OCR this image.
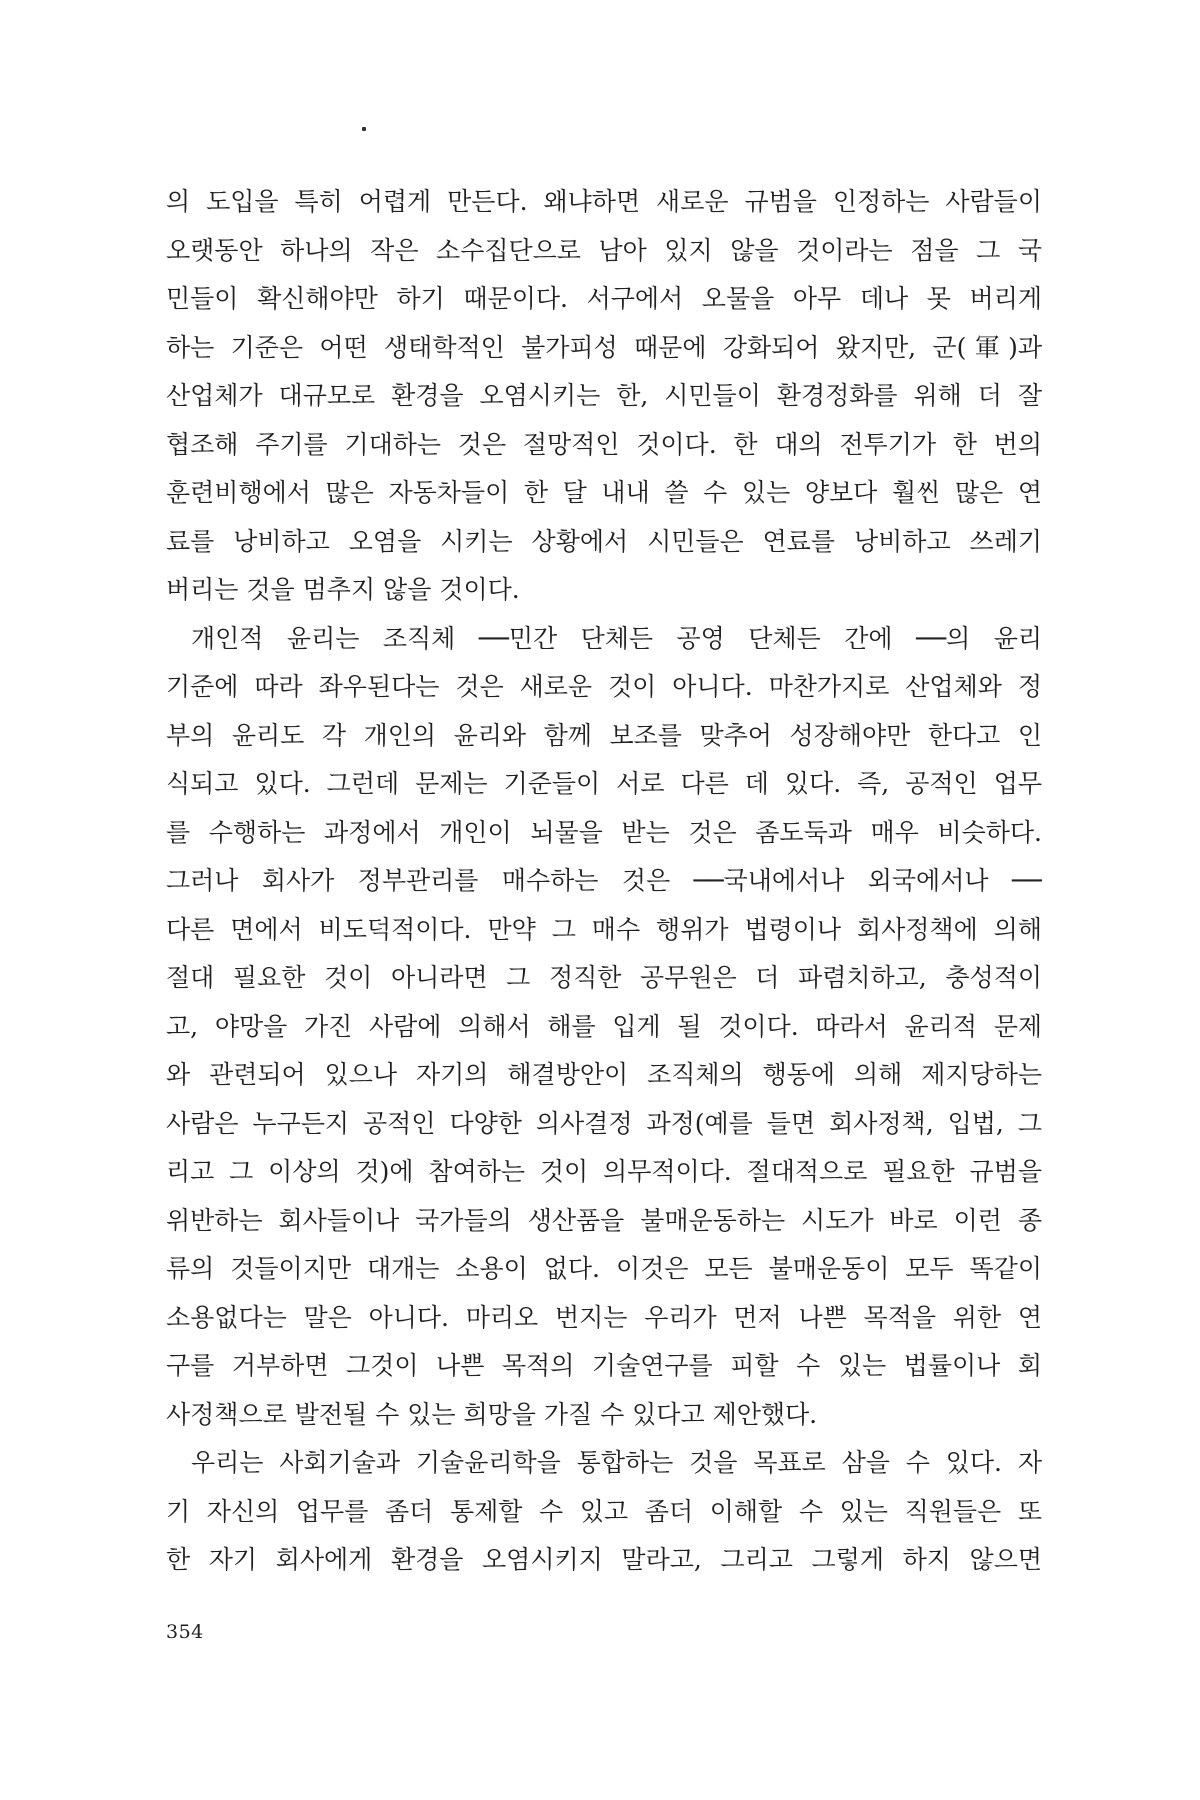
의 도입을 특히 어렵게 만든다. 왜냐하면 새로운 규범을 인정하는 사람들이
오랫동안 하나의 작은 소수집단으로 남아 있지 않을 것이라는 점을 그 국
민들이 확신해야만 하기 때문이다. 서구에서 오물을 아무 데나 못 버리게
하는 기준은 어떤 생태학적인 불가피성 때문에 강화되어 왔지만, 군(軍)과
산업체가 대규모로 환경을 오염시키는 한, 시민들이 환경정화를 위해 더 잘
협조해 주기를 기대하는 것은 절망적인 것이다. 한 대의 전투기가 한 번의
훈련비행에서 많은 자동차들이 한 달 내내 쓸 수 있는 양보다 훨씬 많은 연
료를 낭비하고 오염을 시키는 상황에서 시민들은 연료를 낭비하고 쓰레기
버리는 것을 멈추지 않을 것이다.
개인적 윤리는 조직체 ──민간 단체든 공영 단체든 간에 ──의 윤리
기준에 따라 좌우된다는 것은 새로운 것이 아니다. 마찬가지로 산업체와 정
부의 윤리도 각 개인의 윤리와 함께 보조를 맞추어 성장해야만 한다고 인
식되고 있다. 그런데 문제는 기준들이 서로 다른 데 있다. 즉, 공적인 업무
를 수행하는 과정에서 개인이 뇌물을 받는 것은 좀도둑과 매우 비슷하다.
그러나 회사가 정부관리를 매수하는 것은 ──국내에서나 외국에서나 ──
다른 면에서 비도덕적이다. 만약 그 매수 행위가 법령이나 회사정책에 의해
절대 필요한 것이 아니라면 그 정직한 공무원은 더 파렴치하고, 충성적이
고, 야망을 가진 사람에 의해서 해를 입게 될 것이다. 따라서 윤리적 문제
와 관련되어 있으나 자기의 해결방안이 조직체의 행동에 의해 제지당하는
사람은 누구든지 공적인 다양한 의사결정 과정(예를 들면 회사정책, 입법, 그
리고 그 이상의 것)에 참여하는 것이 의무적이다. 절대적으로 필요한 규범을
위반하는 회사들이나 국가들의 생산품을 불매운동하는 시도가 바로 이런 종
류의 것들이지만 대개는 소용이 없다. 이것은 모든 불매운동이 모두 똑같이
소용없다는 말은 아니다. 마리오 번지는 우리가 먼저 나쁜 목적을 위한 연
구를 거부하면 그것이 나쁜 목적의 기술연구를 피할 수 있는 법률이나 회
사정책으로 발전될 수 있는 희망을 가질 수 있다고 제안했다.
우리는 사회기술과 기술윤리학을 통합하는 것을 목표로 삼을 수 있다. 자
기 자신의 업무를 좀더 통제할 수 있고 좀더 이해할 수 있는 직원들은 또
한 자기 회사에게 환경을 오염시키지 말라고, 그리고 그렇게 하지 않으면
354
